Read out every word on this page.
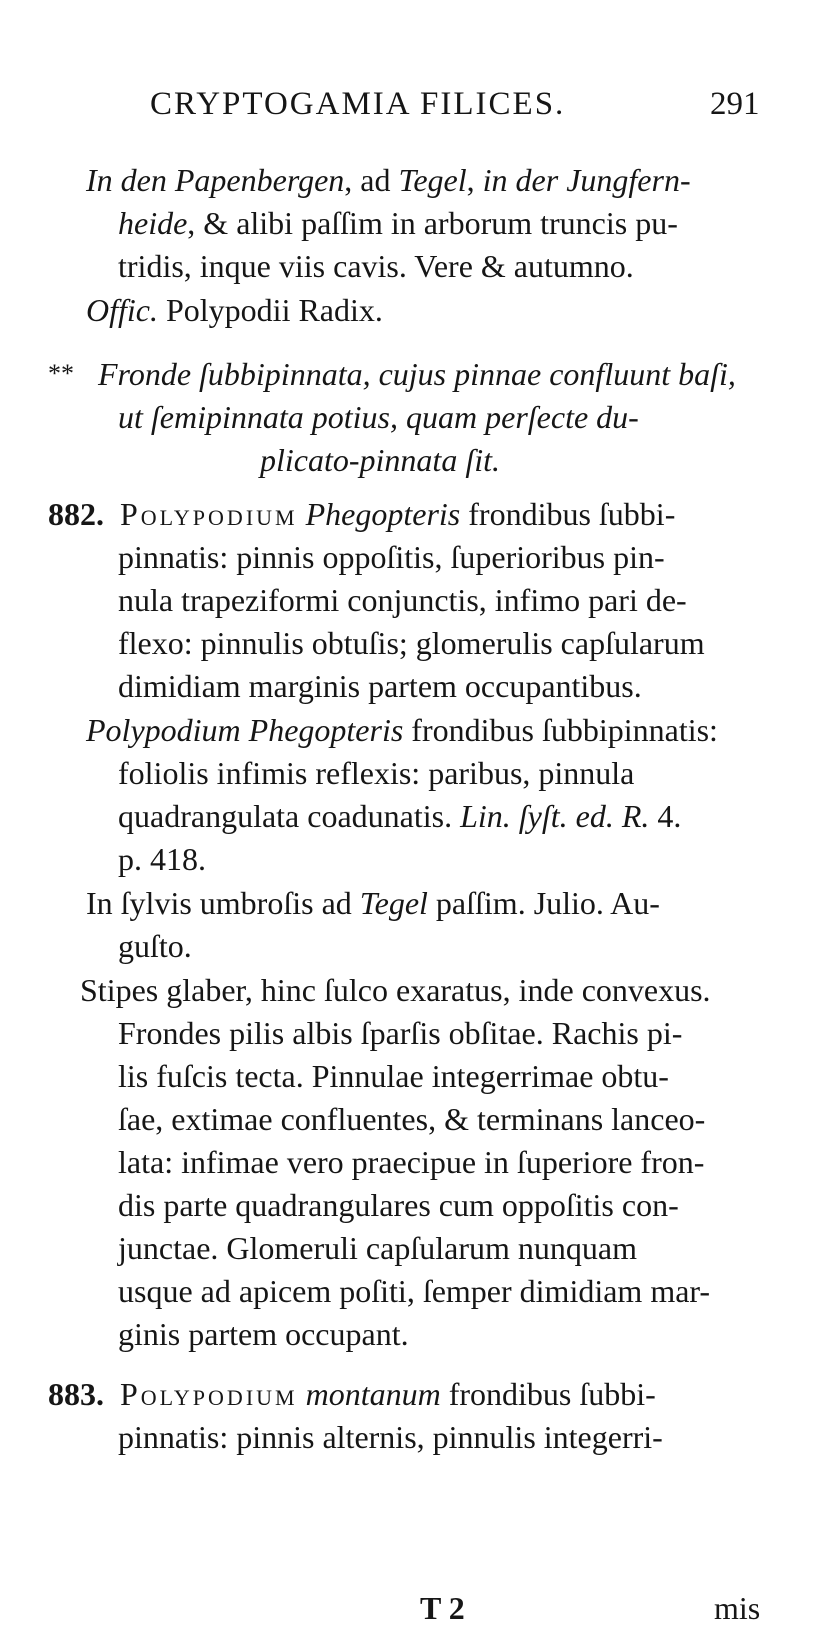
CRYPTOGAMIA FILICES.	291
In den Papenbergen, ad Tegel, in der Jungfern-
heide, & alibi paſſim in arborum truncis pu-
tridis, inque viis cavis. Vere & autumno.
Offic. Polypodii Radix.
** Fronde ſubbipinnata, cujus pinnae confluunt baſi,
ut ſemipinnata potius, quam perſecte du-
plicato-pinnata ſit.
882. Polypodium Phegopteris frondibus ſubbi-
pinnatis: pinnis oppoſitis, ſuperioribus pin-
nula trapeziformi conjunctis, infimo pari de-
flexo: pinnulis obtuſis; glomerulis capſularum
dimidiam marginis partem occupantibus.
Polypodium Phegopteris frondibus ſubbipinnatis:
foliolis infimis reflexis: paribus, pinnula
quadrangulata coadunatis. Lin. ſyſt. ed. R. 4.
p. 418.
In ſylvis umbroſis ad Tegel paſſim. Julio. Au-
guſto.
Stipes glaber, hinc ſulco exaratus, inde convexus.
Frondes pilis albis ſparſis obſitae. Rachis pi-
lis fuſcis tecta. Pinnulae integerrimae obtu-
ſae, extimae confluentes, & terminans lanceo-
lata: infimae vero praecipue in ſuperiore fron-
dis parte quadrangulares cum oppoſitis con-
junctae. Glomeruli capſularum nunquam
usque ad apicem poſiti, ſemper dimidiam mar-
ginis partem occupant.
883. Polypodium montanum frondibus ſubbi-
pinnatis: pinnis alternis, pinnulis integerri-
T 2	mis
